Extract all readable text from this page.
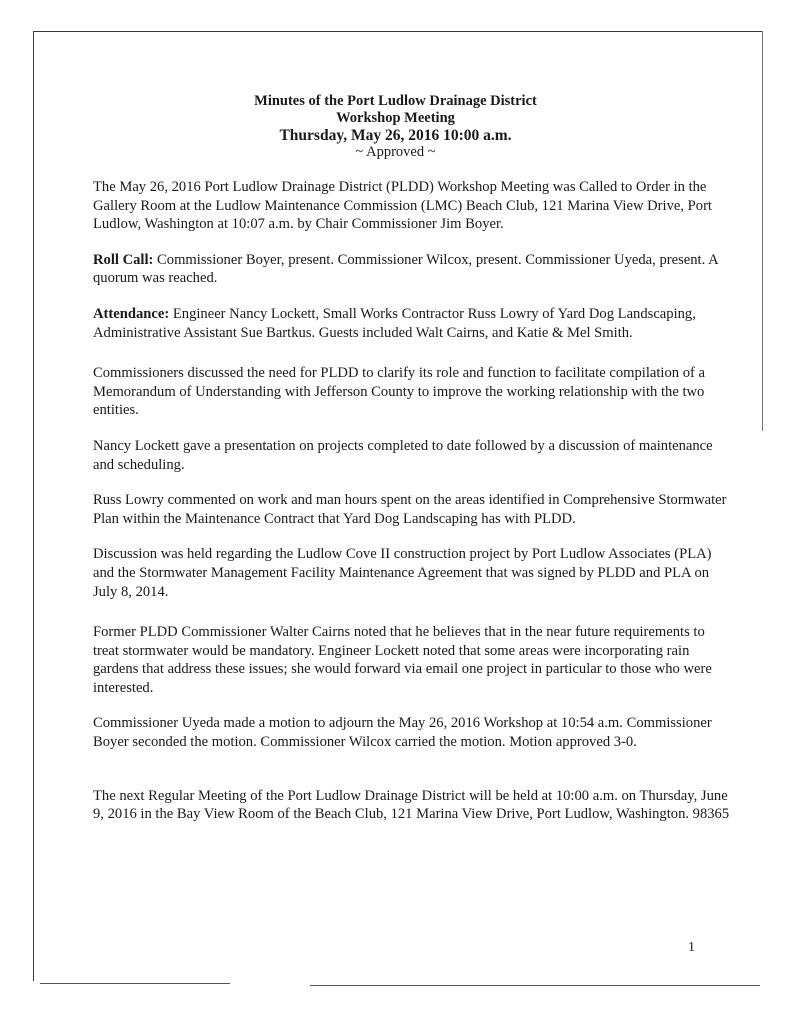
Minutes of the Port Ludlow Drainage District
Workshop Meeting
Thursday, May 26, 2016 10:00 a.m.
~ Approved ~

The May 26, 2016 Port Ludlow Drainage District (PLDD) Workshop Meeting was Called to Order in the Gallery Room at the Ludlow Maintenance Commission (LMC) Beach Club, 121 Marina View Drive, Port Ludlow, Washington at 10:07 a.m. by Chair Commissioner Jim Boyer.

Roll Call: Commissioner Boyer, present. Commissioner Wilcox, present. Commissioner Uyeda, present. A quorum was reached.

Attendance: Engineer Nancy Lockett, Small Works Contractor Russ Lowry of Yard Dog Landscaping, Administrative Assistant Sue Bartkus. Guests included Walt Cairns, and Katie & Mel Smith.

Commissioners discussed the need for PLDD to clarify its role and function to facilitate compilation of a Memorandum of Understanding with Jefferson County to improve the working relationship with the two entities.

Nancy Lockett gave a presentation on projects completed to date followed by a discussion of maintenance and scheduling.

Russ Lowry commented on work and man hours spent on the areas identified in Comprehensive Stormwater Plan within the Maintenance Contract that Yard Dog Landscaping has with PLDD.

Discussion was held regarding the Ludlow Cove II construction project by Port Ludlow Associates (PLA) and the Stormwater Management Facility Maintenance Agreement that was signed by PLDD and PLA on July 8, 2014.

Former PLDD Commissioner Walter Cairns noted that he believes that in the near future requirements to treat stormwater would be mandatory. Engineer Lockett noted that some areas were incorporating rain gardens that address these issues; she would forward via email one project in particular to those who were interested.

Commissioner Uyeda made a motion to adjourn the May 26, 2016 Workshop at 10:54 a.m. Commissioner Boyer seconded the motion. Commissioner Wilcox carried the motion. Motion approved 3-0.

The next Regular Meeting of the Port Ludlow Drainage District will be held at 10:00 a.m. on Thursday, June 9, 2016 in the Bay View Room of the Beach Club, 121 Marina View Drive, Port Ludlow, Washington. 98365

1
